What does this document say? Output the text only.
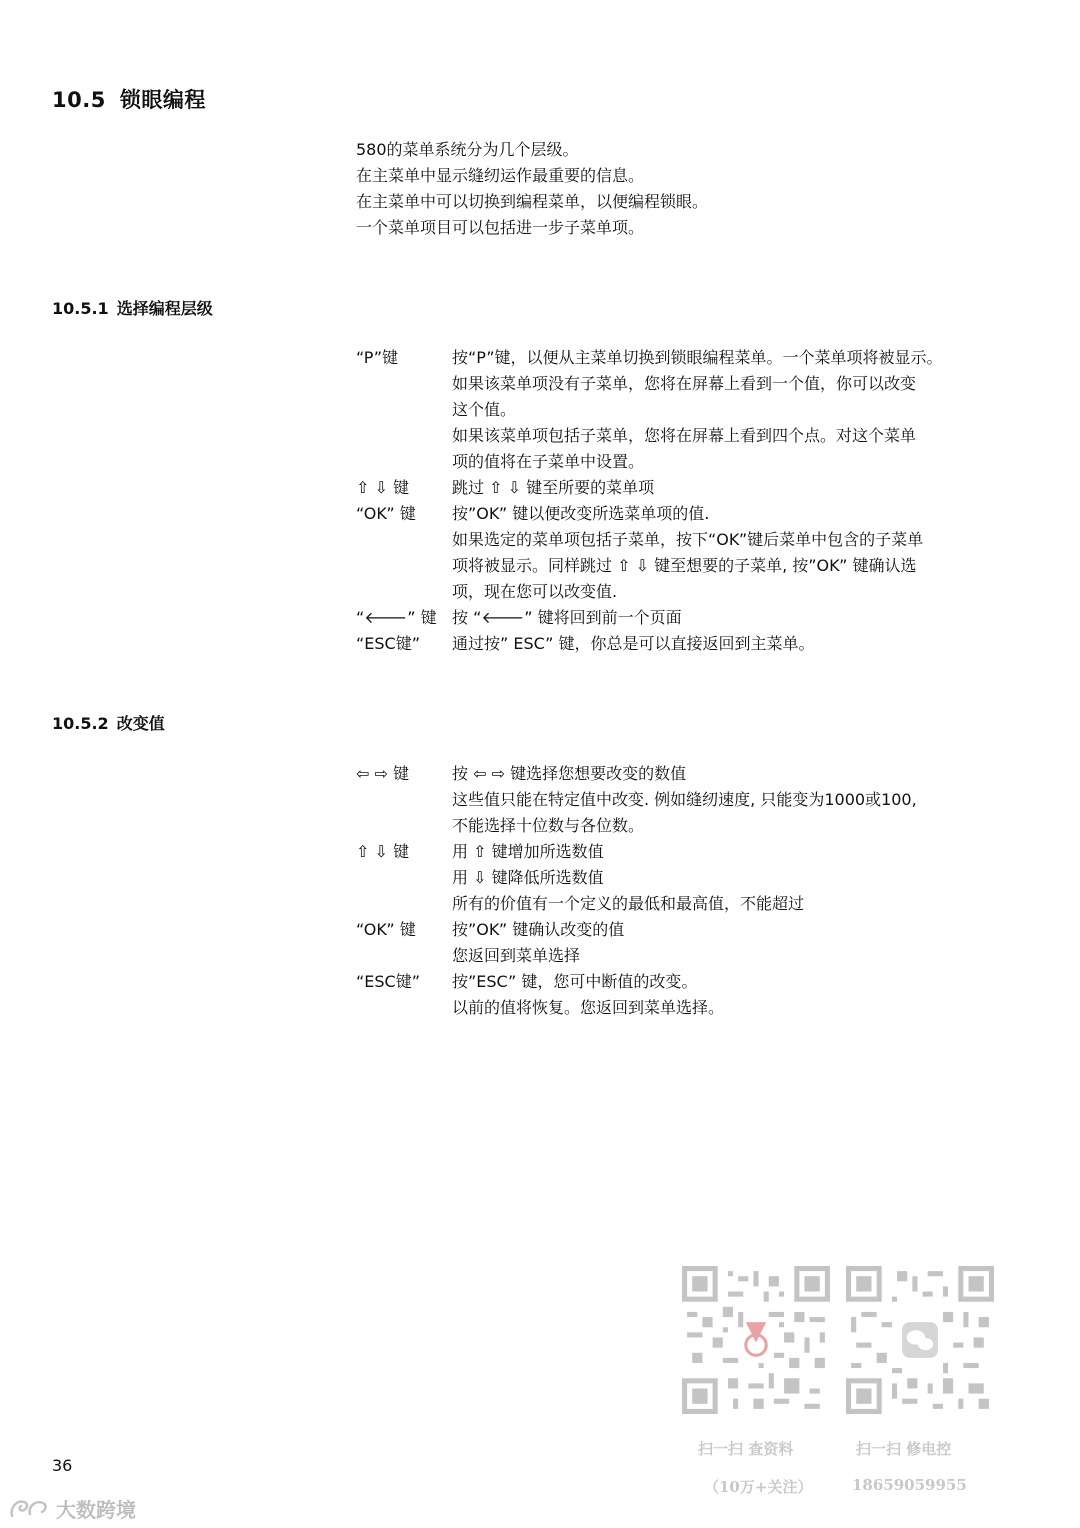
10.5 锁眼编程
580的菜单系统分为几个层级。
在主菜单中显示缝纫运作最重要的信息。
在主菜单中可以切换到编程菜单，以便编程锁眼。
一个菜单项目可以包括进一步子菜单项。
10.5.1 选择编程层级
“P”键	按“P”键，以便从主菜单切换到锁眼编程菜单。一个菜单项将被显示。
如果该菜单项没有子菜单，您将在屏幕上看到一个值，你可以改变
这个值。
如果该菜单项包括子菜单，您将在屏幕上看到四个点。对这个菜单
项的值将在子菜单中设置。
⇧ ⇩ 键	跳过 ⇧ ⇩ 键至所要的菜单项
“OK” 键	按”OK” 键以便改变所选菜单项的值.
如果选定的菜单项包括子菜单，按下“OK”键后菜单中包含的子菜单
项将被显示。同样跳过 ⇧ ⇩ 键至想要的子菜单, 按”OK” 键确认选
项，现在您可以改变值.
“🡐” 键 按 “🡐” 键将回到前一个页面
“ESC键”	通过按” ESC” 键，你总是可以直接返回到主菜单。
10.5.2 改变值
⇦ ⇨ 键	按 ⇦ ⇨ 键选择您想要改变的数值
这些值只能在特定值中改变. 例如缝纫速度, 只能变为1000或100,
不能选择十位数与各位数。
⇧ ⇩ 键	用 ⇧ 键增加所选数值
用 ⇩ 键降低所选数值
所有的价值有一个定义的最低和最高值，不能超过
“OK” 键	按”OK” 键确认改变的值
您返回到菜单选择
“ESC键”	按”ESC” 键，您可中断值的改变。
以前的值将恢复。您返回到菜单选择。
扫一扫 查资料
（10万+关注）
扫一扫 修电控
18659059955
36
大数跨境
